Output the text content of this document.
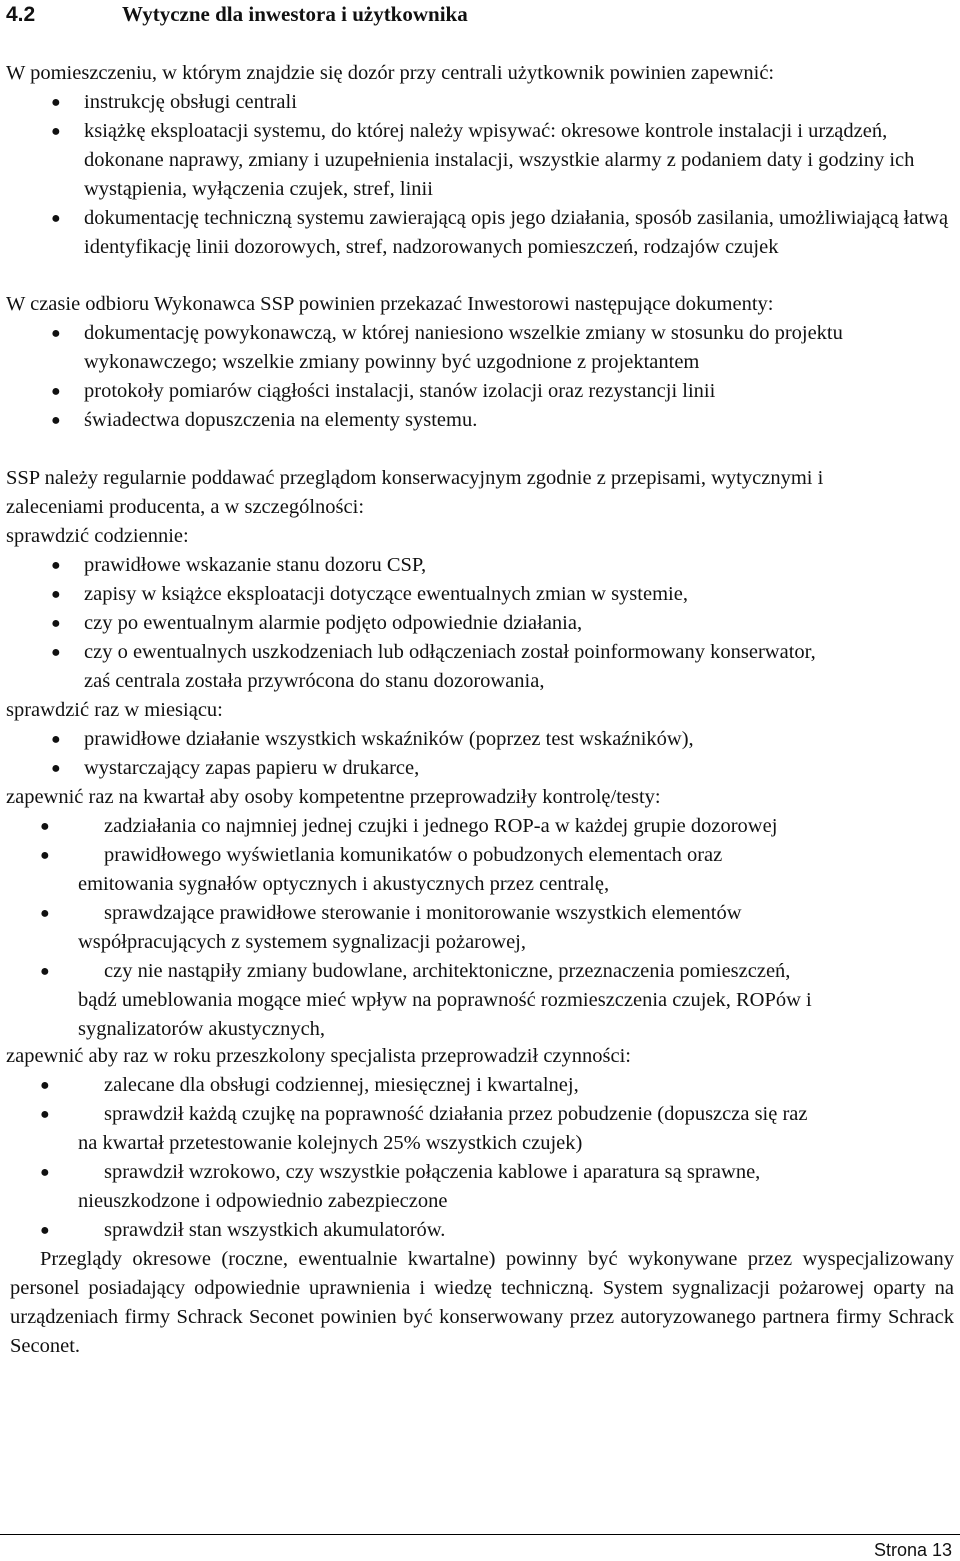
4.2	Wytyczne dla inwestora i użytkownika

W pomieszczeniu, w którym znajdzie się dozór przy centrali użytkownik powinien zapewnić:

● instrukcję obsługi centrali
● książkę eksploatacji systemu, do której należy wpisywać: okresowe kontrole instalacji i urządzeń, dokonane naprawy, zmiany i uzupełnienia instalacji, wszystkie alarmy z podaniem daty i godziny ich wystąpienia, wyłączenia czujek, stref, linii
● dokumentację techniczną systemu zawierającą opis jego działania, sposób zasilania, umożliwiającą łatwą identyfikację linii dozorowych, stref, nadzorowanych pomieszczeń, rodzajów czujek

W czasie odbioru Wykonawca SSP powinien przekazać Inwestorowi następujące dokumenty:

● dokumentację powykonawczą, w której naniesiono wszelkie zmiany w stosunku do projektu wykonawczego; wszelkie zmiany powinny być uzgodnione z projektantem
● protokoły pomiarów ciągłości instalacji, stanów izolacji oraz rezystancji linii
● świadectwa dopuszczenia na elementy systemu.

SSP należy regularnie poddawać przeglądom konserwacyjnym zgodnie z przepisami, wytycznymi i zaleceniami producenta, a w szczególności:

sprawdzić codziennie:

● prawidłowe wskazanie stanu dozoru CSP,
● zapisy w książce eksploatacji dotyczące ewentualnych zmian w systemie,
● czy po ewentualnym alarmie podjęto odpowiednie działania,
● czy o ewentualnych uszkodzeniach lub odłączeniach został poinformowany konserwator, zaś centrala została przywrócona do stanu dozorowania,

sprawdzić raz w miesiącu:

● prawidłowe działanie wszystkich wskaźników (poprzez test wskaźników),
● wystarczający zapas papieru w drukarce,

zapewnić raz na kwartał aby osoby kompetentne przeprowadziły kontrolę/testy:

●	zadziałania co najmniej jednej czujki i jednego ROP-a w każdej grupie dozorowej
●	prawidłowego wyświetlania komunikatów o pobudzonych elementach oraz
emitowania sygnałów optycznych i akustycznych przez centralę,
●	sprawdzające prawidłowe sterowanie i monitorowanie wszystkich elementów
współpracujących z systemem sygnalizacji pożarowej,
●	czy nie nastąpiły zmiany budowlane, architektoniczne, przeznaczenia pomieszczeń,
bądź umeblowania mogące mieć wpływ na poprawność rozmieszczenia czujek, ROPów i
sygnalizatorów akustycznych,

zapewnić aby raz w roku przeszkolony specjalista przeprowadził czynności:

●	zalecane dla obsługi codziennej, miesięcznej i kwartalnej,
●	sprawdził każdą czujkę na poprawność działania przez pobudzenie (dopuszcza się raz
na kwartał przetestowanie kolejnych 25% wszystkich czujek)
●	sprawdził wzrokowo, czy wszystkie połączenia kablowe i aparatura są sprawne,
nieuszkodzone i odpowiednio zabezpieczone
●	sprawdził stan wszystkich akumulatorów.

Przeglądy okresowe (roczne, ewentualnie kwartalne) powinny być wykonywane przez wyspecjalizowany personel posiadający odpowiednie uprawnienia i wiedzę techniczną. System sygnalizacji pożarowej oparty na urządzeniach firmy Schrack Seconet powinien być konserwowany przez autoryzowanego partnera firmy Schrack Seconet.

Strona 13
